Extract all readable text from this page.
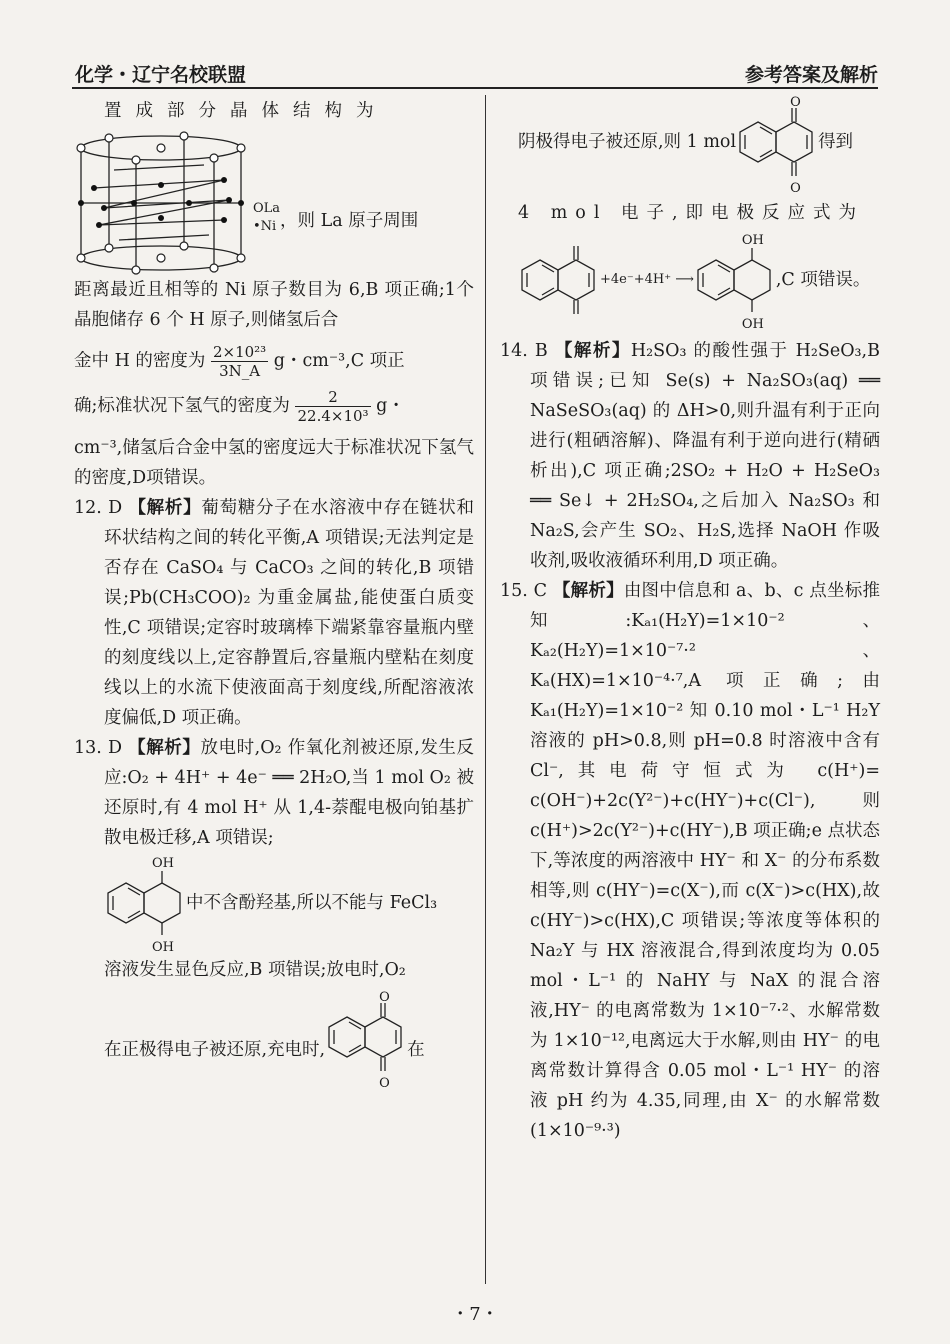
化学・辽宁名校联盟	参考答案及解析

置成部分晶体结构为

OLa
•Ni ，则 La 原子周围

距离最近且相等的 Ni 原子数目为 6,B 项正确;1个晶胞储存 6 个 H 原子,则储氢后合

金中 H 的密度为 $\frac{\text{2×10²³}}{3N\_A}$ g・cm⁻³,C 项正

确;标准状况下氢气的密度为 $\frac{2}{\text{22.4×10³}}$ g・

cm⁻³,储氢后合金中氢的密度远大于标准状况下氢气的密度,D项错误。

12. D 【解析】葡萄糖分子在水溶液中存在链状和环状结构之间的转化平衡,A 项错误;无法判定是否存在 CaSO₄ 与 CaCO₃ 之间的转化,B 项错误;Pb(CH₃COO)₂ 为重金属盐,能使蛋白质变性,C 项错误;定容时玻璃棒下端紧靠容量瓶内壁的刻度线以上,定容静置后,容量瓶内壁粘在刻度线以上的水流下使液面高于刻度线,所配溶液浓度偏低,D 项正确。

13. D 【解析】放电时,O₂ 作氧化剂被还原,发生反应:O₂ + 4H⁺ + 4e⁻ ══ 2H₂O,当 1 mol O₂ 被还原时,有 4 mol H⁺ 从 1,4-萘醌电极向铂基扩散电极迁移,A 项错误;

OH
OH
中不含酚羟基,所以不能与 FeCl₃

溶液发生显色反应,B 项错误;放电时,O₂

在正极得电子被还原,充电时,
O
O
在
阴极得电子被还原,则 1 mol
O
O
得到

4 mol 电子,即电极反应式为

+4e⁻+4H⁺ ⟶
OH
OH
,C 项错误。

14. B 【解析】H₂SO₃ 的酸性强于 H₂SeO₃,B 项错误;已知 Se(s) + Na₂SO₃(aq) ══ NaSeSO₃(aq) 的 ΔH>0,则升温有利于正向进行(粗硒溶解)、降温有利于逆向进行(精硒析出),C 项正确;2SO₂ + H₂O + H₂SeO₃ ══ Se↓ + 2H₂SO₄,之后加入 Na₂SO₃ 和 Na₂S,会产生 SO₂、H₂S,选择 NaOH 作吸收剂,吸收液循环利用,D 项正确。

15. C 【解析】由图中信息和 a、b、c 点坐标推知:Kₐ₁(H₂Y)=1×10⁻²、Kₐ₂(H₂Y)=1×10⁻⁷·²、Kₐ(HX)=1×10⁻⁴·⁷,A 项正确;由 Kₐ₁(H₂Y)=1×10⁻² 知 0.10 mol・L⁻¹ H₂Y 溶液的 pH>0.8,则 pH=0.8 时溶液中含有 Cl⁻,其电荷守恒式为 c(H⁺)= c(OH⁻)+2c(Y²⁻)+c(HY⁻)+c(Cl⁻),则 c(H⁺)>2c(Y²⁻)+c(HY⁻),B 项正确;e 点状态下,等浓度的两溶液中 HY⁻ 和 X⁻ 的分布系数相等,则 c(HY⁻)=c(X⁻),而 c(X⁻)>c(HX),故 c(HY⁻)>c(HX),C 项错误;等浓度等体积的 Na₂Y 与 HX 溶液混合,得到浓度均为 0.05 mol・L⁻¹ 的 NaHY 与 NaX 的混合溶液,HY⁻ 的电离常数为 1×10⁻⁷·²、水解常数为 1×10⁻¹²,电离远大于水解,则由 HY⁻ 的电离常数计算得含 0.05 mol・L⁻¹ HY⁻ 的溶液 pH 约为 4.35,同理,由 X⁻ 的水解常数(1×10⁻⁹·³)

・7・
